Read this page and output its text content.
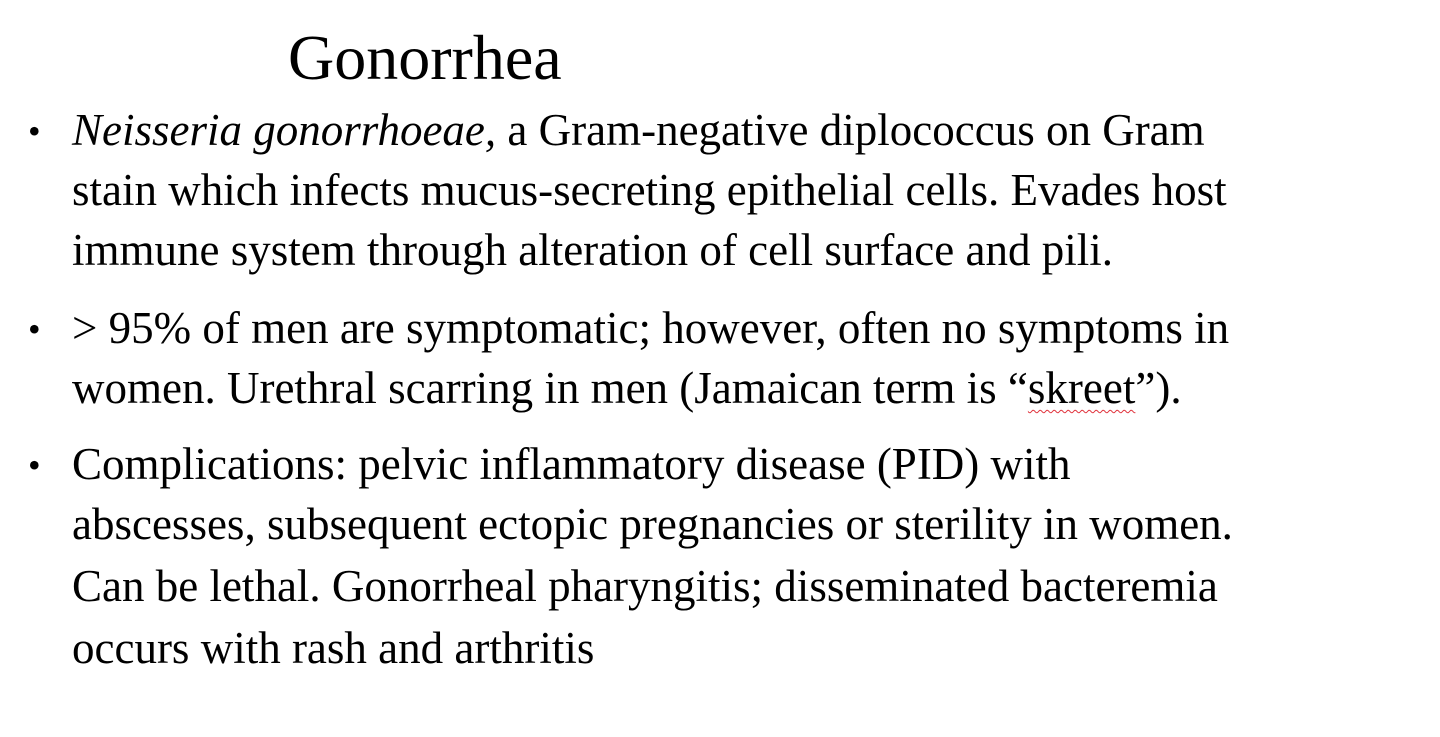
Gonorrhea
• Neisseria gonorrhoeae, a Gram-negative diplococcus on Gram
stain which infects mucus-secreting epithelial cells. Evades host
immune system through alteration of cell surface and pili.
• > 95% of men are symptomatic; however, often no symptoms in
women. Urethral scarring in men (Jamaican term is “skreet”).
• Complications: pelvic inflammatory disease (PID) with
abscesses, subsequent ectopic pregnancies or sterility in women.
Can be lethal. Gonorrheal pharyngitis; disseminated bacteremia
occurs with rash and arthritis
